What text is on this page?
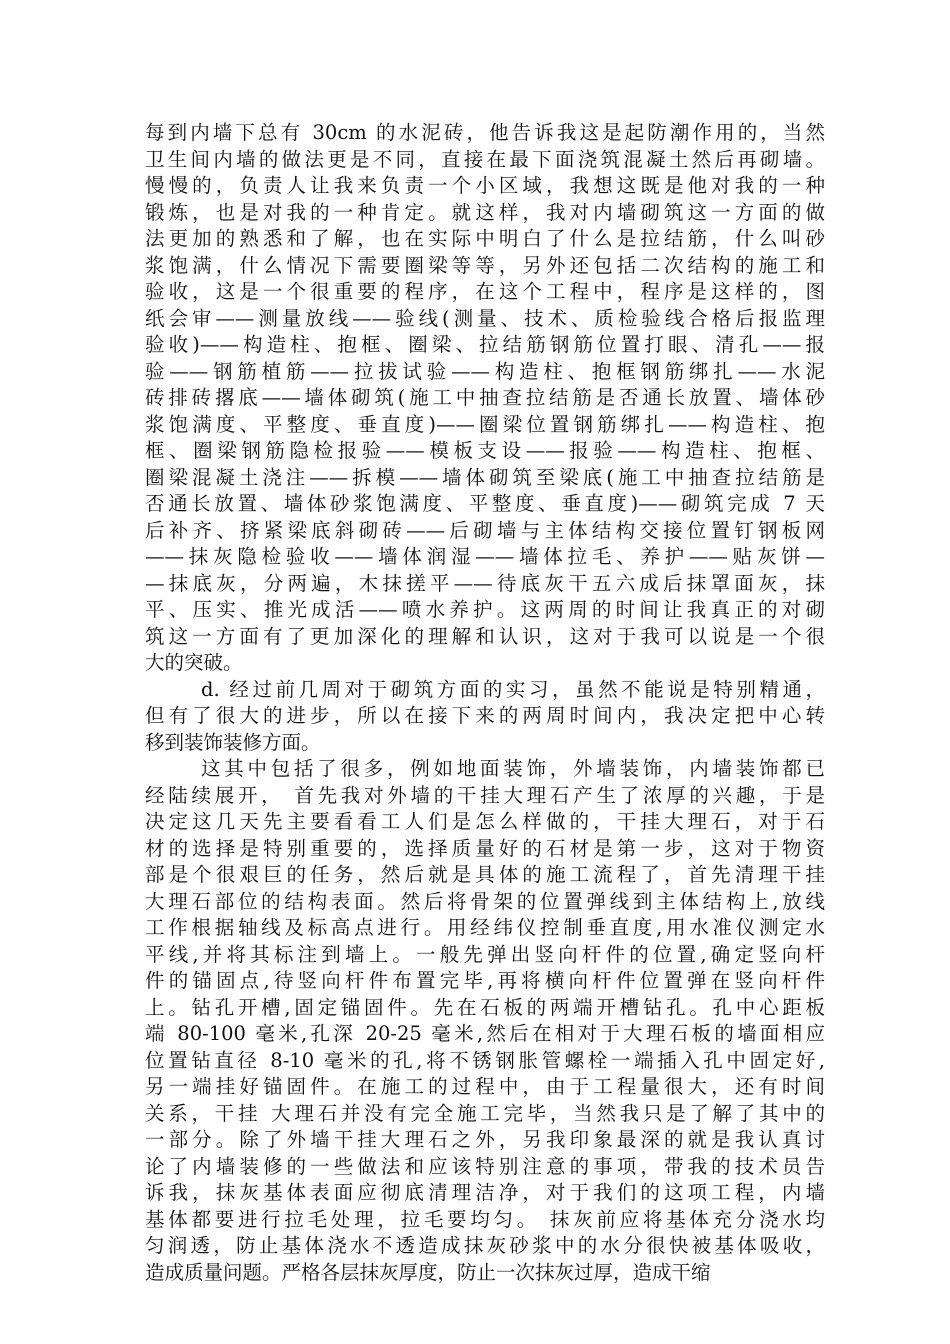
每到内墙下总有 30cm 的水泥砖，他告诉我这是起防潮作用的，当然
卫生间内墙的做法更是不同，直接在最下面浇筑混凝土然后再砌墙。
慢慢的，负责人让我来负责一个小区域，我想这既是他对我的一种
锻炼，也是对我的一种肯定。就这样，我对内墙砌筑这一方面的做
法更加的熟悉和了解，也在实际中明白了什么是拉结筋，什么叫砂
浆饱满，什么情况下需要圈梁等等，另外还包括二次结构的施工和
验收，这是一个很重要的程序，在这个工程中，程序是这样的，图
纸会审——测量放线——验线(测量、技术、质检验线合格后报监理
验收)——构造柱、抱框、圈梁、拉结筋钢筋位置打眼、清孔——报
验——钢筋植筋——拉拔试验——构造柱、抱框钢筋绑扎——水泥
砖排砖撂底——墙体砌筑(施工中抽查拉结筋是否通长放置、墙体砂
浆饱满度、平整度、垂直度)——圈梁位置钢筋绑扎——构造柱、抱
框、圈梁钢筋隐检报验——模板支设——报验——构造柱、抱框、
圈梁混凝土浇注——拆模——墙体砌筑至梁底(施工中抽查拉结筋是
否通长放置、墙体砂浆饱满度、平整度、垂直度)——砌筑完成 7 天
后补齐、挤紧梁底斜砌砖——后砌墙与主体结构交接位置钉钢板网
——抹灰隐检验收——墙体润湿——墙体拉毛、养护——贴灰饼—
—抹底灰，分两遍，木抹搓平——待底灰干五六成后抹罩面灰，抹
平、压实、推光成活——喷水养护。这两周的时间让我真正的对砌
筑这一方面有了更加深化的理解和认识，这对于我可以说是一个很
大的突破。
d. 经过前几周对于砌筑方面的实习，虽然不能说是特别精通，
但有了很大的进步，所以在接下来的两周时间内，我决定把中心转
移到装饰装修方面。
这其中包括了很多，例如地面装饰，外墙装饰，内墙装饰都已
经陆续展开， 首先我对外墙的干挂大理石产生了浓厚的兴趣，于是
决定这几天先主要看看工人们是怎么样做的，干挂大理石，对于石
材的选择是特别重要的，选择质量好的石材是第一步，这对于物资
部是个很艰巨的任务，然后就是具体的施工流程了，首先清理干挂
大理石部位的结构表面。然后将骨架的位置弹线到主体结构上,放线
工作根据轴线及标高点进行。用经纬仪控制垂直度,用水准仪测定水
平线,并将其标注到墙上。一般先弹出竖向杆件的位置,确定竖向杆
件的锚固点,待竖向杆件布置完毕,再将横向杆件位置弹在竖向杆件
上。钻孔开槽,固定锚固件。先在石板的两端开槽钻孔。孔中心距板
端 80-100 毫米,孔深 20-25 毫米,然后在相对于大理石板的墙面相应
位置钻直径 8-10 毫米的孔,将不锈钢胀管螺栓一端插入孔中固定好,
另一端挂好锚固件。在施工的过程中，由于工程量很大，还有时间
关系，干挂 大理石并没有完全施工完毕，当然我只是了解了其中的
一部分。除了外墙干挂大理石之外，另我印象最深的就是我认真讨
论了内墙装修的一些做法和应该特别注意的事项，带我的技术员告
诉我，抹灰基体表面应彻底清理洁净，对于我们的这项工程，内墙
基体都要进行拉毛处理，拉毛要均匀。 抹灰前应将基体充分浇水均
匀润透，防止基体浇水不透造成抹灰砂浆中的水分很快被基体吸收，
造成质量问题。严格各层抹灰厚度，防止一次抹灰过厚，造成干缩
